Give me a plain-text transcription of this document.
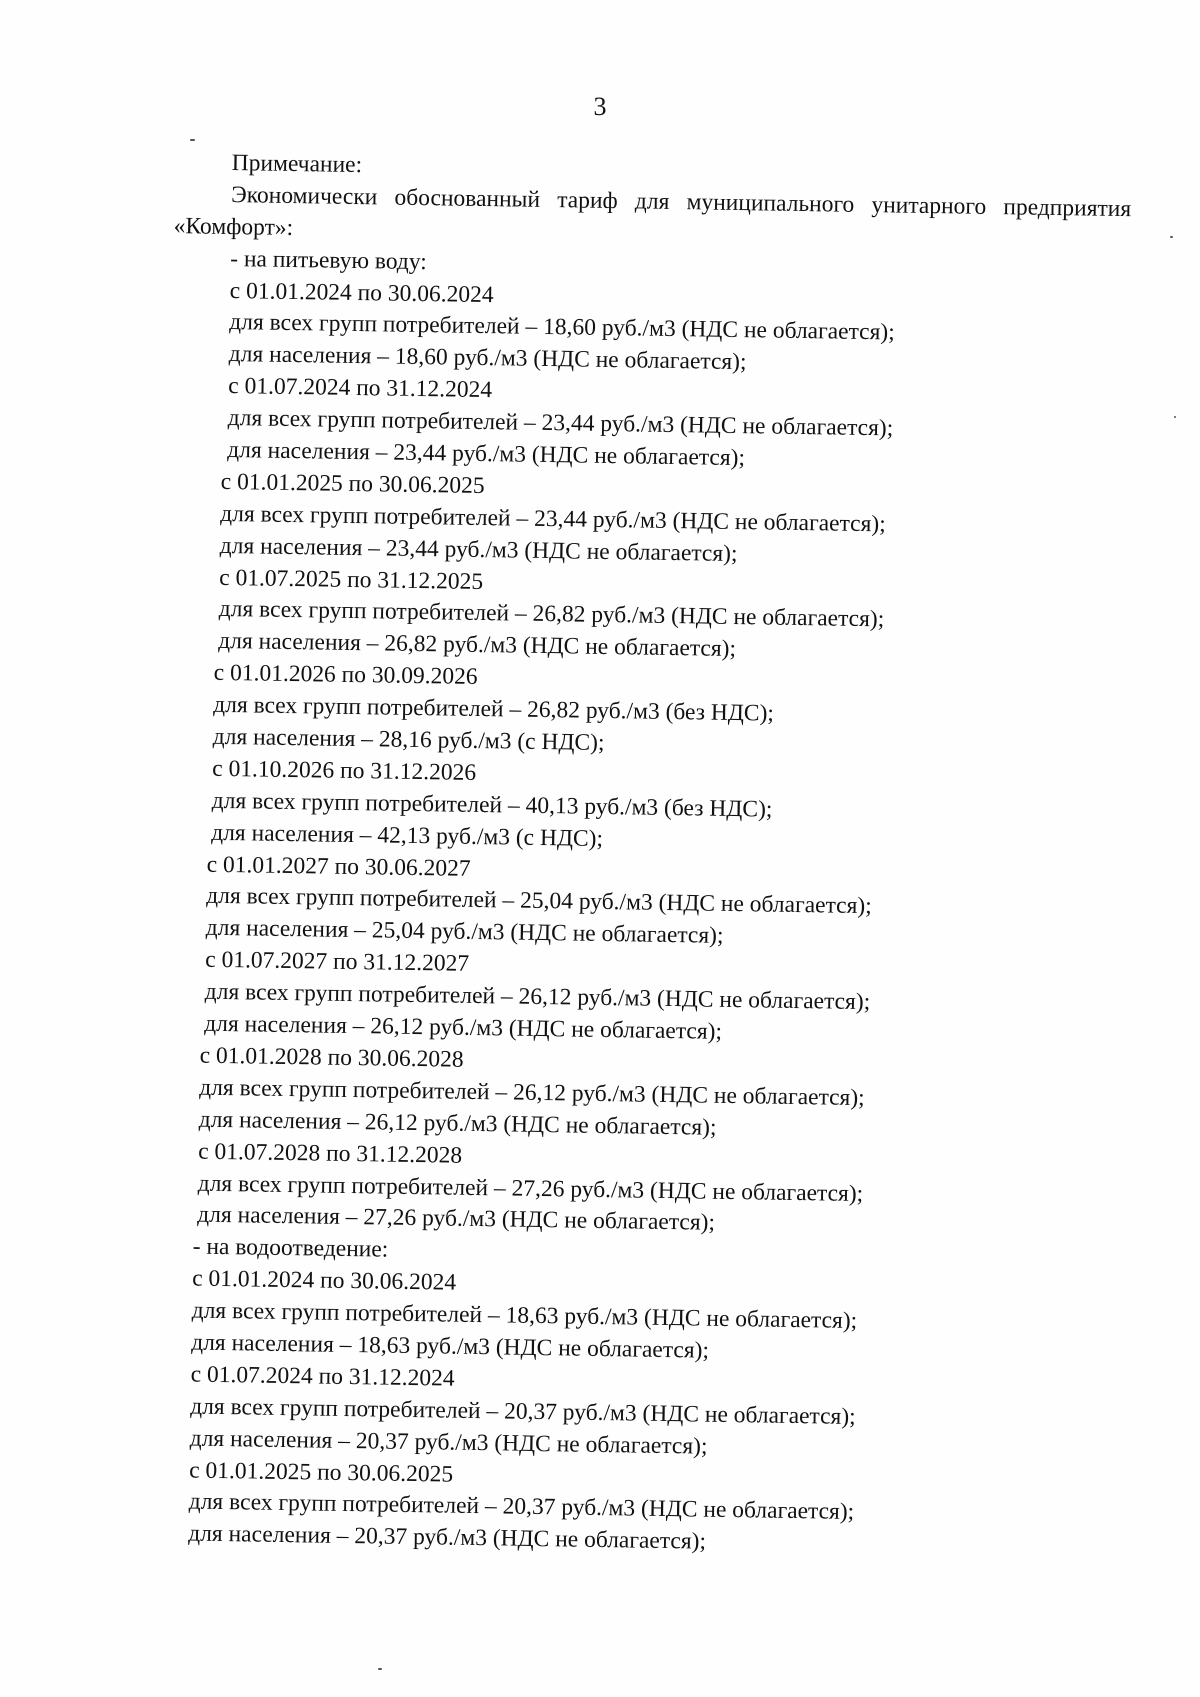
3
Примечание:
Экономически обоснованный тариф для муниципального унитарного предприятия
«Комфорт»:
- на питьевую воду:
с 01.01.2024 по 30.06.2024
для всех групп потребителей – 18,60 руб./м3 (НДС не облагается);
для населения – 18,60 руб./м3 (НДС не облагается);
с 01.07.2024 по 31.12.2024
для всех групп потребителей – 23,44 руб./м3 (НДС не облагается);
для населения – 23,44 руб./м3 (НДС не облагается);
с 01.01.2025 по 30.06.2025
для всех групп потребителей – 23,44 руб./м3 (НДС не облагается);
для населения – 23,44 руб./м3 (НДС не облагается);
с 01.07.2025 по 31.12.2025
для всех групп потребителей – 26,82 руб./м3 (НДС не облагается);
для населения – 26,82 руб./м3 (НДС не облагается);
с 01.01.2026 по 30.09.2026
для всех групп потребителей – 26,82 руб./м3 (без НДС);
для населения – 28,16 руб./м3 (с НДС);
с 01.10.2026 по 31.12.2026
для всех групп потребителей – 40,13 руб./м3 (без НДС);
для населения – 42,13 руб./м3 (с НДС);
с 01.01.2027 по 30.06.2027
для всех групп потребителей – 25,04 руб./м3 (НДС не облагается);
для населения – 25,04 руб./м3 (НДС не облагается);
с 01.07.2027 по 31.12.2027
для всех групп потребителей – 26,12 руб./м3 (НДС не облагается);
для населения – 26,12 руб./м3 (НДС не облагается);
с 01.01.2028 по 30.06.2028
для всех групп потребителей – 26,12 руб./м3 (НДС не облагается);
для населения – 26,12 руб./м3 (НДС не облагается);
с 01.07.2028 по 31.12.2028
для всех групп потребителей – 27,26 руб./м3 (НДС не облагается);
для населения – 27,26 руб./м3 (НДС не облагается);
- на водоотведение:
с 01.01.2024 по 30.06.2024
для всех групп потребителей – 18,63 руб./м3 (НДС не облагается);
для населения – 18,63 руб./м3 (НДС не облагается);
с 01.07.2024 по 31.12.2024
для всех групп потребителей – 20,37 руб./м3 (НДС не облагается);
для населения – 20,37 руб./м3 (НДС не облагается);
с 01.01.2025 по 30.06.2025
для всех групп потребителей – 20,37 руб./м3 (НДС не облагается);
для населения – 20,37 руб./м3 (НДС не облагается);
